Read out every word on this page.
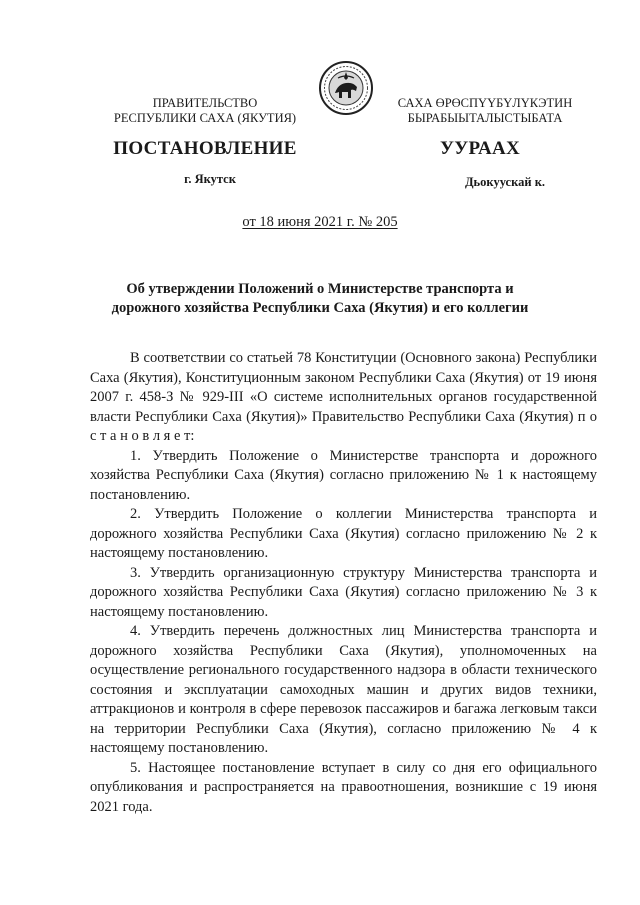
ПРАВИТЕЛЬСТВО
РЕСПУБЛИКИ САХА (ЯКУТИЯ)
САХА ӨРӨСПҮҮБҮЛҮКЭТИН
БЫРАБЫЫТАЛЫСТЫБАТА
ПОСТАНОВЛЕНИЕ	УУРААХ
г. Якутск	Дьокуускай к.
от 18 июня 2021 г. № 205
Об утверждении Положений о Министерстве транспорта и дорожного хозяйства Республики Саха (Якутия) и его коллегии

В соответствии со статьей 78 Конституции (Основного закона) Республики Саха (Якутия), Конституционным законом Республики Саха (Якутия) от 19 июня 2007 г. 458-З № 929-III «О системе исполнительных органов государственной власти Республики Саха (Якутия)» Правительство Республики Саха (Якутия) п о с т а н о в л я е т:

1. Утвердить Положение о Министерстве транспорта и дорожного хозяйства Республики Саха (Якутия) согласно приложению № 1 к настоящему постановлению.

2. Утвердить Положение о коллегии Министерства транспорта и дорожного хозяйства Республики Саха (Якутия) согласно приложению № 2 к настоящему постановлению.

3. Утвердить организационную структуру Министерства транспорта и дорожного хозяйства Республики Саха (Якутия) согласно приложению № 3 к настоящему постановлению.

4. Утвердить перечень должностных лиц Министерства транспорта и дорожного хозяйства Республики Саха (Якутия), уполномоченных на осуществление регионального государственного надзора в области технического состояния и эксплуатации самоходных машин и других видов техники, аттракционов и контроля в сфере перевозок пассажиров и багажа легковым такси на территории Республики Саха (Якутия), согласно приложению № 4 к настоящему постановлению.

5. Настоящее постановление вступает в силу со дня его официального опубликования и распространяется на правоотношения, возникшие с 19 июня 2021 года.
